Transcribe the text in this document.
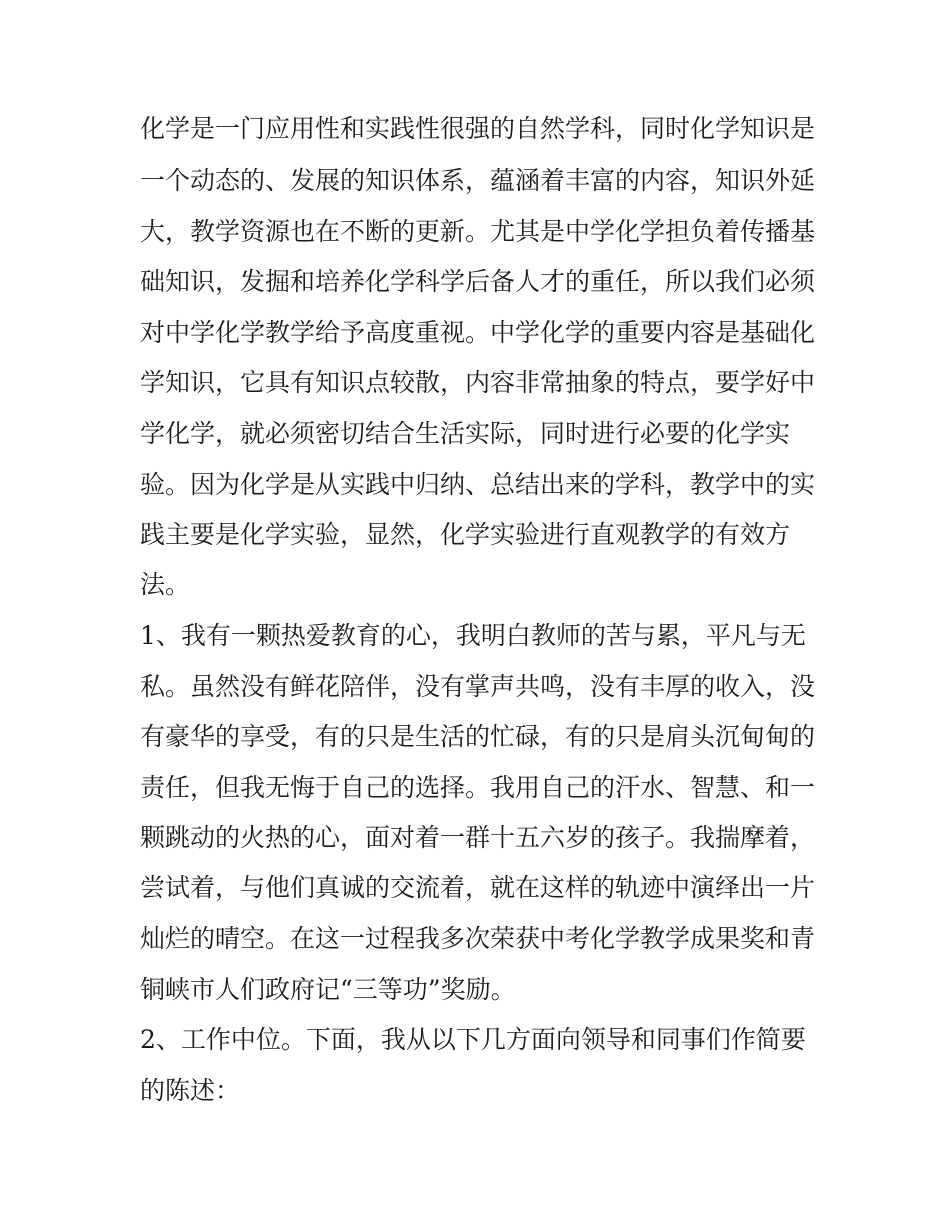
化学是一门应用性和实践性很强的自然学科，同时化学知识是
一个动态的、发展的知识体系，蕴涵着丰富的内容，知识外延
大，教学资源也在不断的更新。尤其是中学化学担负着传播基
础知识，发掘和培养化学科学后备人才的重任，所以我们必须
对中学化学教学给予高度重视。中学化学的重要内容是基础化
学知识，它具有知识点较散，内容非常抽象的特点，要学好中
学化学，就必须密切结合生活实际，同时进行必要的化学实
验。因为化学是从实践中归纳、总结出来的学科，教学中的实
践主要是化学实验，显然，化学实验进行直观教学的有效方
法。
1、我有一颗热爱教育的心，我明白教师的苦与累，平凡与无
私。虽然没有鲜花陪伴，没有掌声共鸣，没有丰厚的收入，没
有豪华的享受，有的只是生活的忙碌，有的只是肩头沉甸甸的
责任，但我无悔于自己的选择。我用自己的汗水、智慧、和一
颗跳动的火热的心，面对着一群十五六岁的孩子。我揣摩着，
尝试着，与他们真诚的交流着，就在这样的轨迹中演绎出一片
灿烂的晴空。在这一过程我多次荣获中考化学教学成果奖和青
铜峡市人们政府记“三等功”奖励。
2、工作中位。下面，我从以下几方面向领导和同事们作简要
的陈述：
